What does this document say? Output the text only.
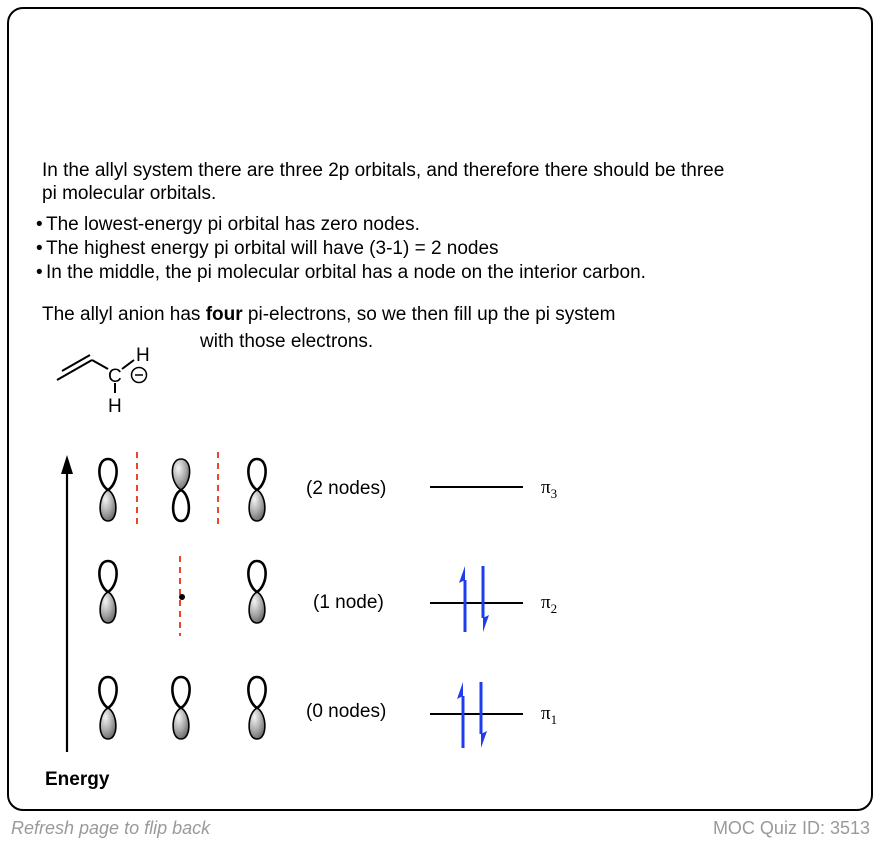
In the allyl system there are three 2p orbitals, and therefore there should be three
pi molecular orbitals.
• The lowest-energy pi orbital has zero nodes.
• The highest energy pi orbital will have (3-1) = 2 nodes
• In the middle, the pi molecular orbital has a node on the interior carbon.
The allyl anion has four pi-electrons, so we then fill up the pi system
with those electrons.
C
H
H
Energy
(2 nodes)
(1 node)
(0 nodes)
$\pi_3$
$\pi_2$
$\pi_1$
Refresh page to flip back	MOC Quiz ID: 3513
